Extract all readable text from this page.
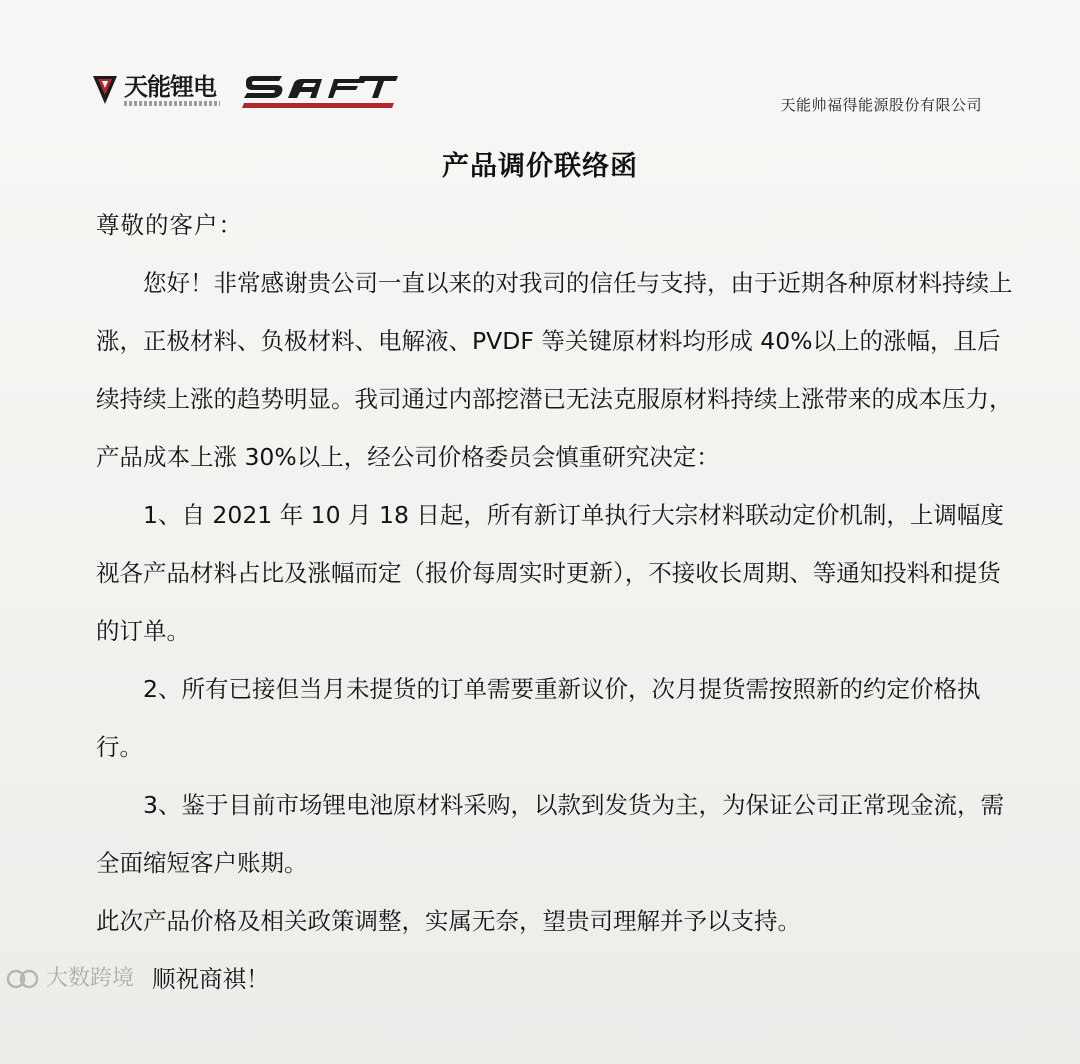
天能锂电
天能帅福得能源股份有限公司
产品调价联络函

尊敬的客户：

您好！非常感谢贵公司一直以来的对我司的信任与支持，由于近期各种原材料持续上涨，正极材料、负极材料、电解液、PVDF 等关键原材料均形成 40%以上的涨幅，且后续持续上涨的趋势明显。我司通过内部挖潜已无法克服原材料持续上涨带来的成本压力，产品成本上涨 30%以上，经公司价格委员会慎重研究决定：

1、自 2021 年 10 月 18 日起，所有新订单执行大宗材料联动定价机制，上调幅度视各产品材料占比及涨幅而定（报价每周实时更新），不接收长周期、等通知投料和提货的订单。

2、所有已接但当月未提货的订单需要重新议价，次月提货需按照新的约定价格执行。

3、鉴于目前市场锂电池原材料采购，以款到发货为主，为保证公司正常现金流，需全面缩短客户账期。

此次产品价格及相关政策调整，实属无奈，望贵司理解并予以支持。

大数跨境 顺祝商祺！
